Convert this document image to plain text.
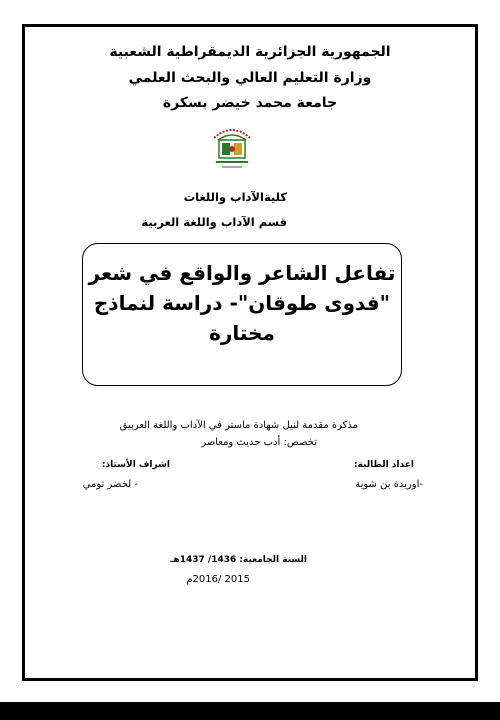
الجمهورية الجزائرية الديمقراطية الشعبية
وزارة التعليم العالي والبحث العلمي
جامعة محمد خيضر بسكرة
كليةالآداب واللغات
قسم الآداب واللغة العربية
تفاعل الشاعر والواقع في شعر
"فدوى طوقان"- دراسة لنماذج
مختارة
مذكرة مقدمة لنيل شهادة ماستر في الآداب واللغة العربيق
تخصص: أدب حديث ومعاصر
اعداد الطالبة:
-اوريدة بن شوية
اشراف الأستاذ:
- لخضر تومي
السنة الجامعية: 1436/ 1437هـ
2015 /2016م
